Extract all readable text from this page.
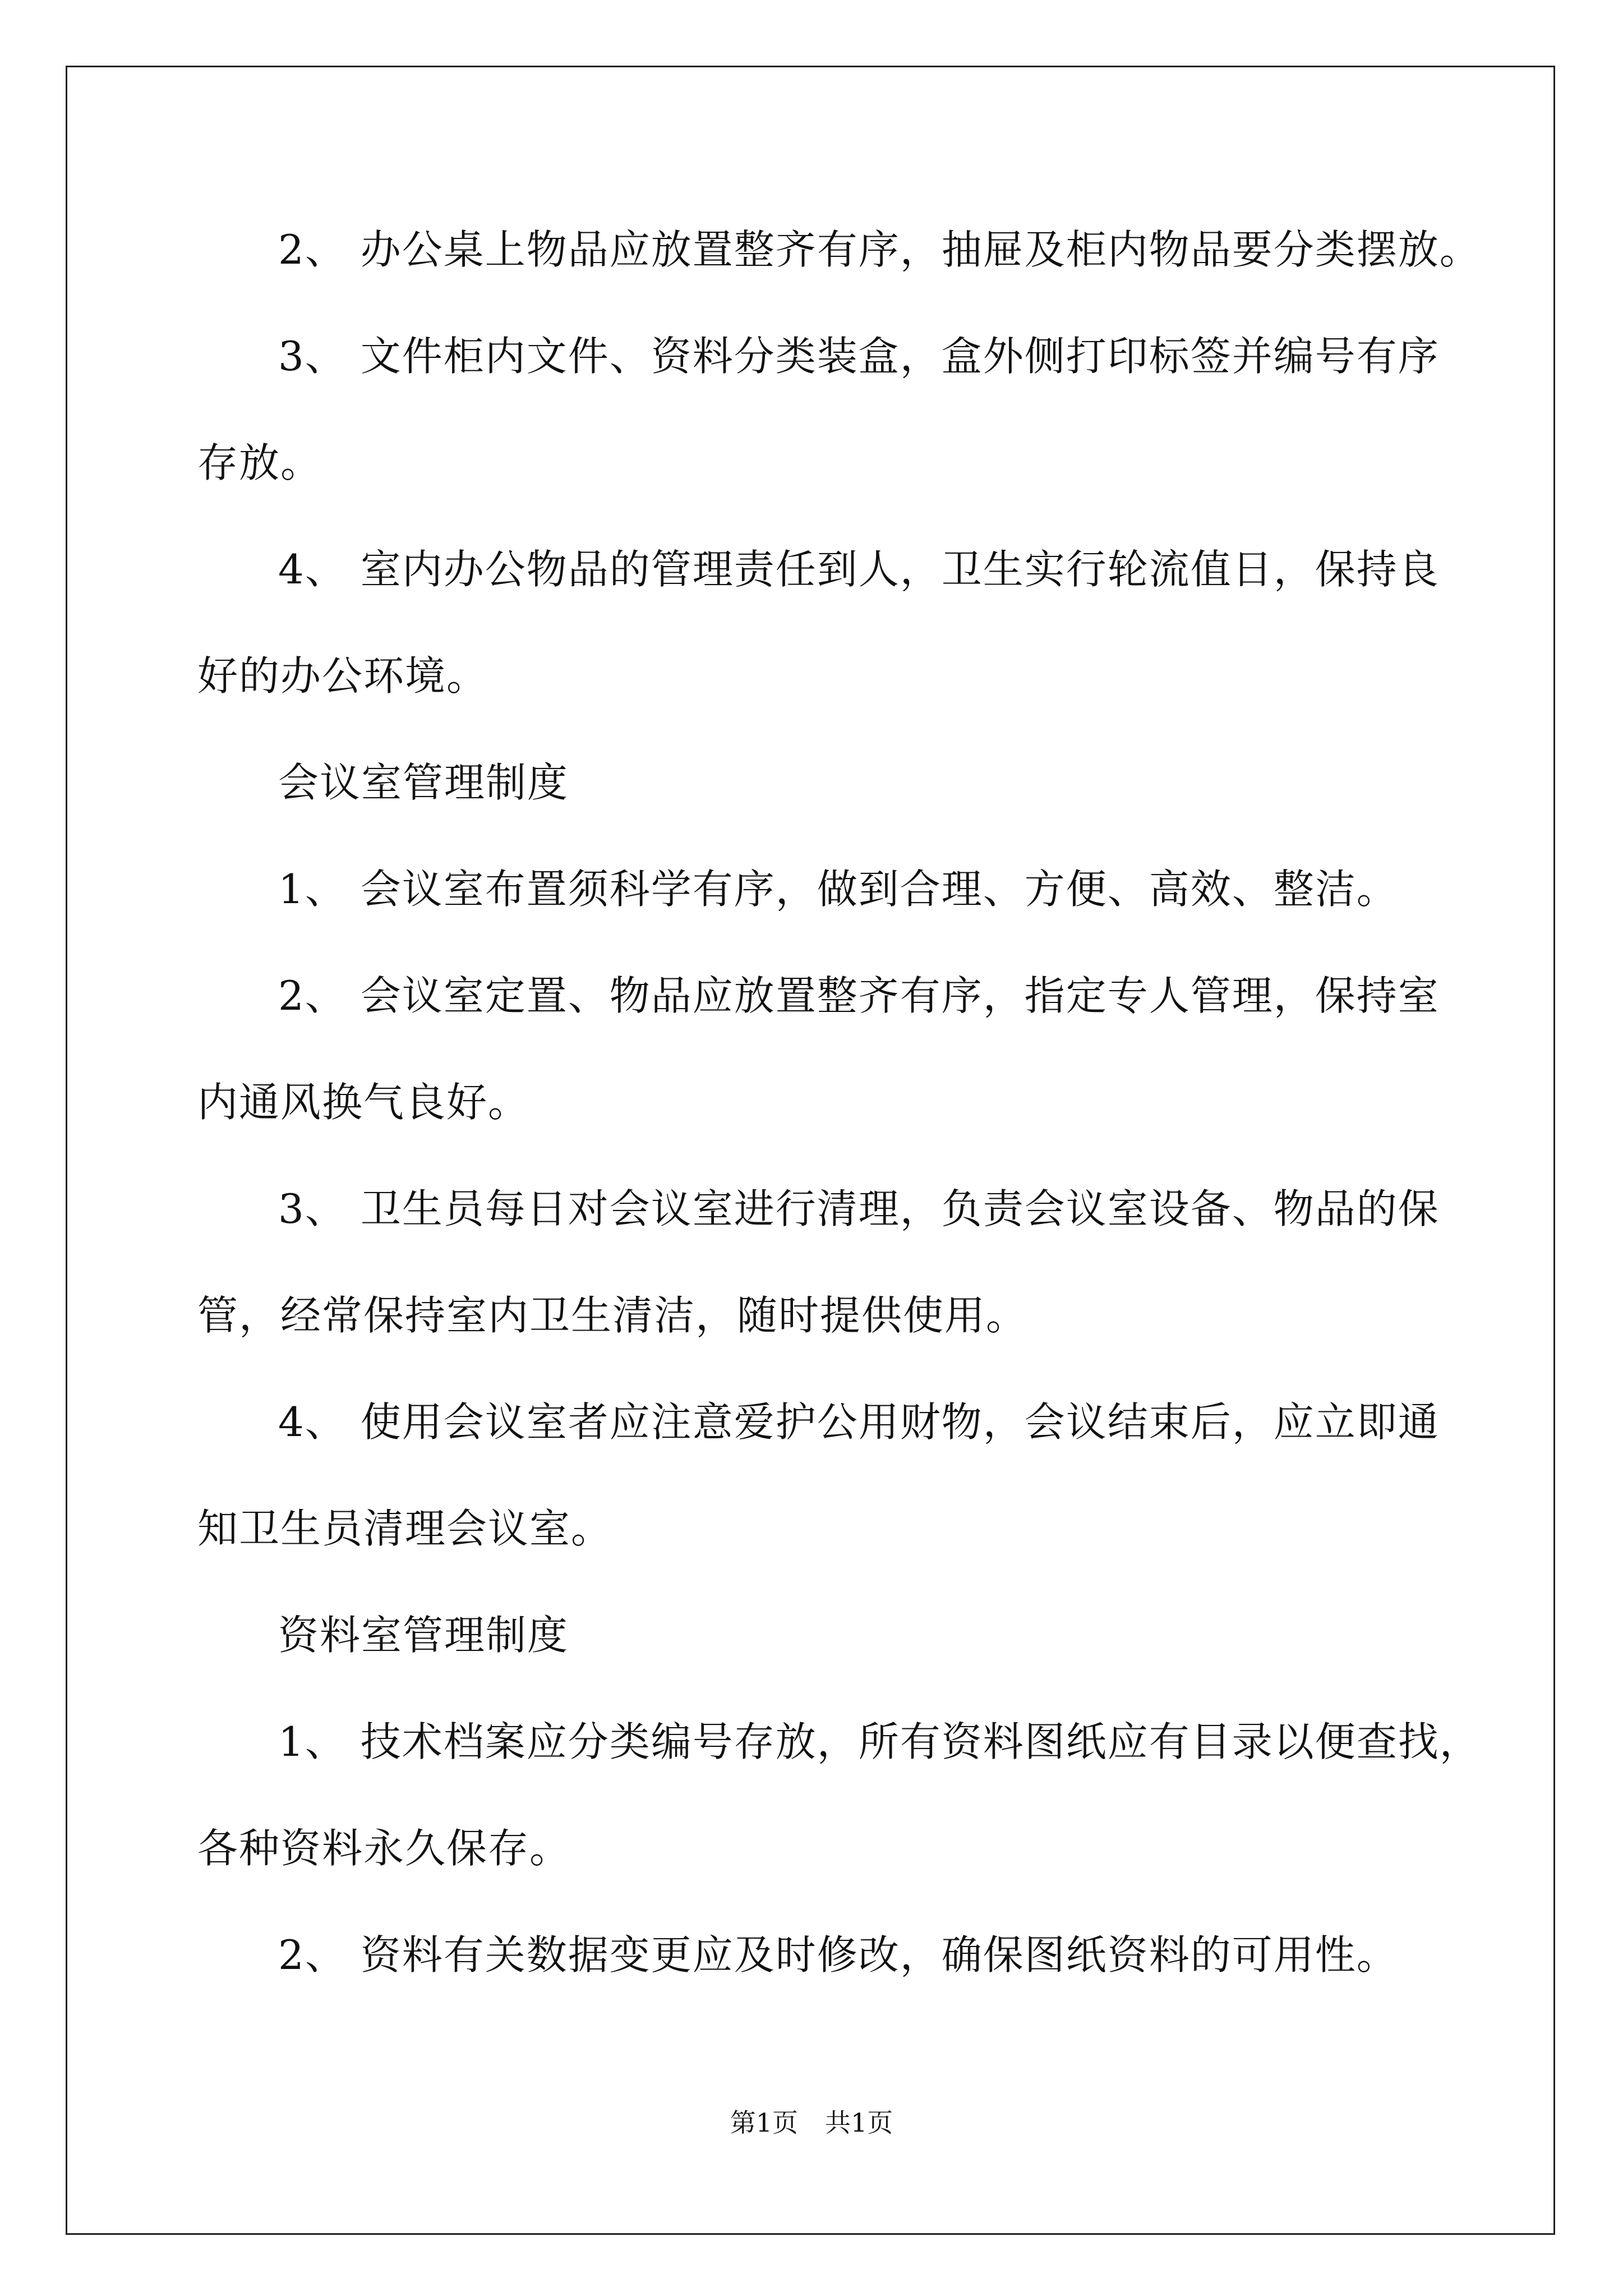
2、 办公桌上物品应放置整齐有序，抽屉及柜内物品要分类摆放。
3、 文件柜内文件、资料分类装盒，盒外侧打印标签并编号有序
存放。
4、 室内办公物品的管理责任到人，卫生实行轮流值日，保持良
好的办公环境。
会议室管理制度
1、 会议室布置须科学有序，做到合理、方便、高效、整洁。
2、 会议室定置、物品应放置整齐有序，指定专人管理，保持室
内通风换气良好。
3、 卫生员每日对会议室进行清理，负责会议室设备、物品的保
管，经常保持室内卫生清洁，随时提供使用。
4、 使用会议室者应注意爱护公用财物，会议结束后，应立即通
知卫生员清理会议室。
资料室管理制度
1、 技术档案应分类编号存放，所有资料图纸应有目录以便查找，
各种资料永久保存。
2、 资料有关数据变更应及时修改，确保图纸资料的可用性。
第1页 共1页
